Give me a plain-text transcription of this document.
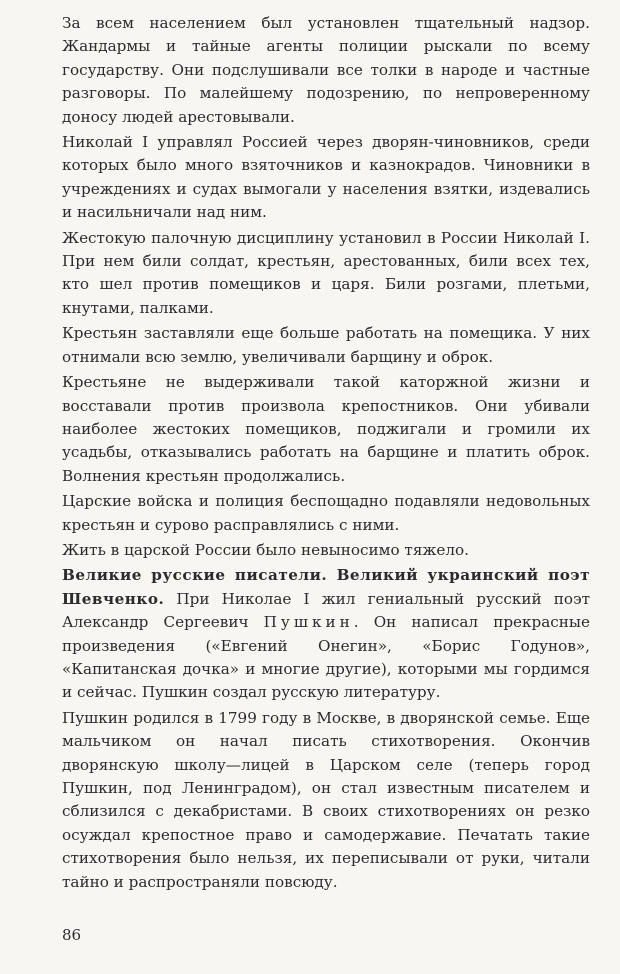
За всем населением был установлен тщательный надзор. Жандармы и тайные агенты полиции рыскали по всему государству. Они подслушивали все толки в народе и частные разговоры. По малейшему подозрению, по непроверенному доносу людей арестовывали.

Николай I управлял Россией через дворян-чиновников, среди которых было много взяточников и казнокрадов. Чиновники в учреждениях и судах вымогали у населения взятки, издевались и насильничали над ним.

Жестокую палочную дисциплину установил в России Николай I. При нем били солдат, крестьян, арестованных, били всех тех, кто шел против помещиков и царя. Били розгами, плетьми, кнутами, палками.

Крестьян заставляли еще больше работать на помещика. У них отнимали всю землю, увеличивали барщину и оброк.

Крестьяне не выдерживали такой каторжной жизни и восставали против произвола крепостников. Они убивали наиболее жестоких помещиков, поджигали и громили их усадьбы, отказывались работать на барщине и платить оброк. Волнения крестьян продолжались.

Царские войска и полиция беспощадно подавляли недовольных крестьян и сурово расправлялись с ними.

Жить в царской России было невыносимо тяжело.

Великие русские писатели. Великий украинский поэт Шевченко. При Николае I жил гениальный русский поэт Александр Сергеевич Пушкин. Он написал прекрасные произведения («Евгений Онегин», «Борис Годунов», «Капитанская дочка» и многие другие), которыми мы гордимся и сейчас. Пушкин создал русскую литературу.

Пушкин родился в 1799 году в Москве, в дворянской семье. Еще мальчиком он начал писать стихотворения. Окончив дворянскую школу—лицей в Царском селе (теперь город Пушкин, под Ленинградом), он стал известным писателем и сблизился с декабристами. В своих стихотворениях он резко осуждал крепостное право и самодержавие. Печатать такие стихотворения было нельзя, их переписывали от руки, читали тайно и распространяли повсюду.

86
